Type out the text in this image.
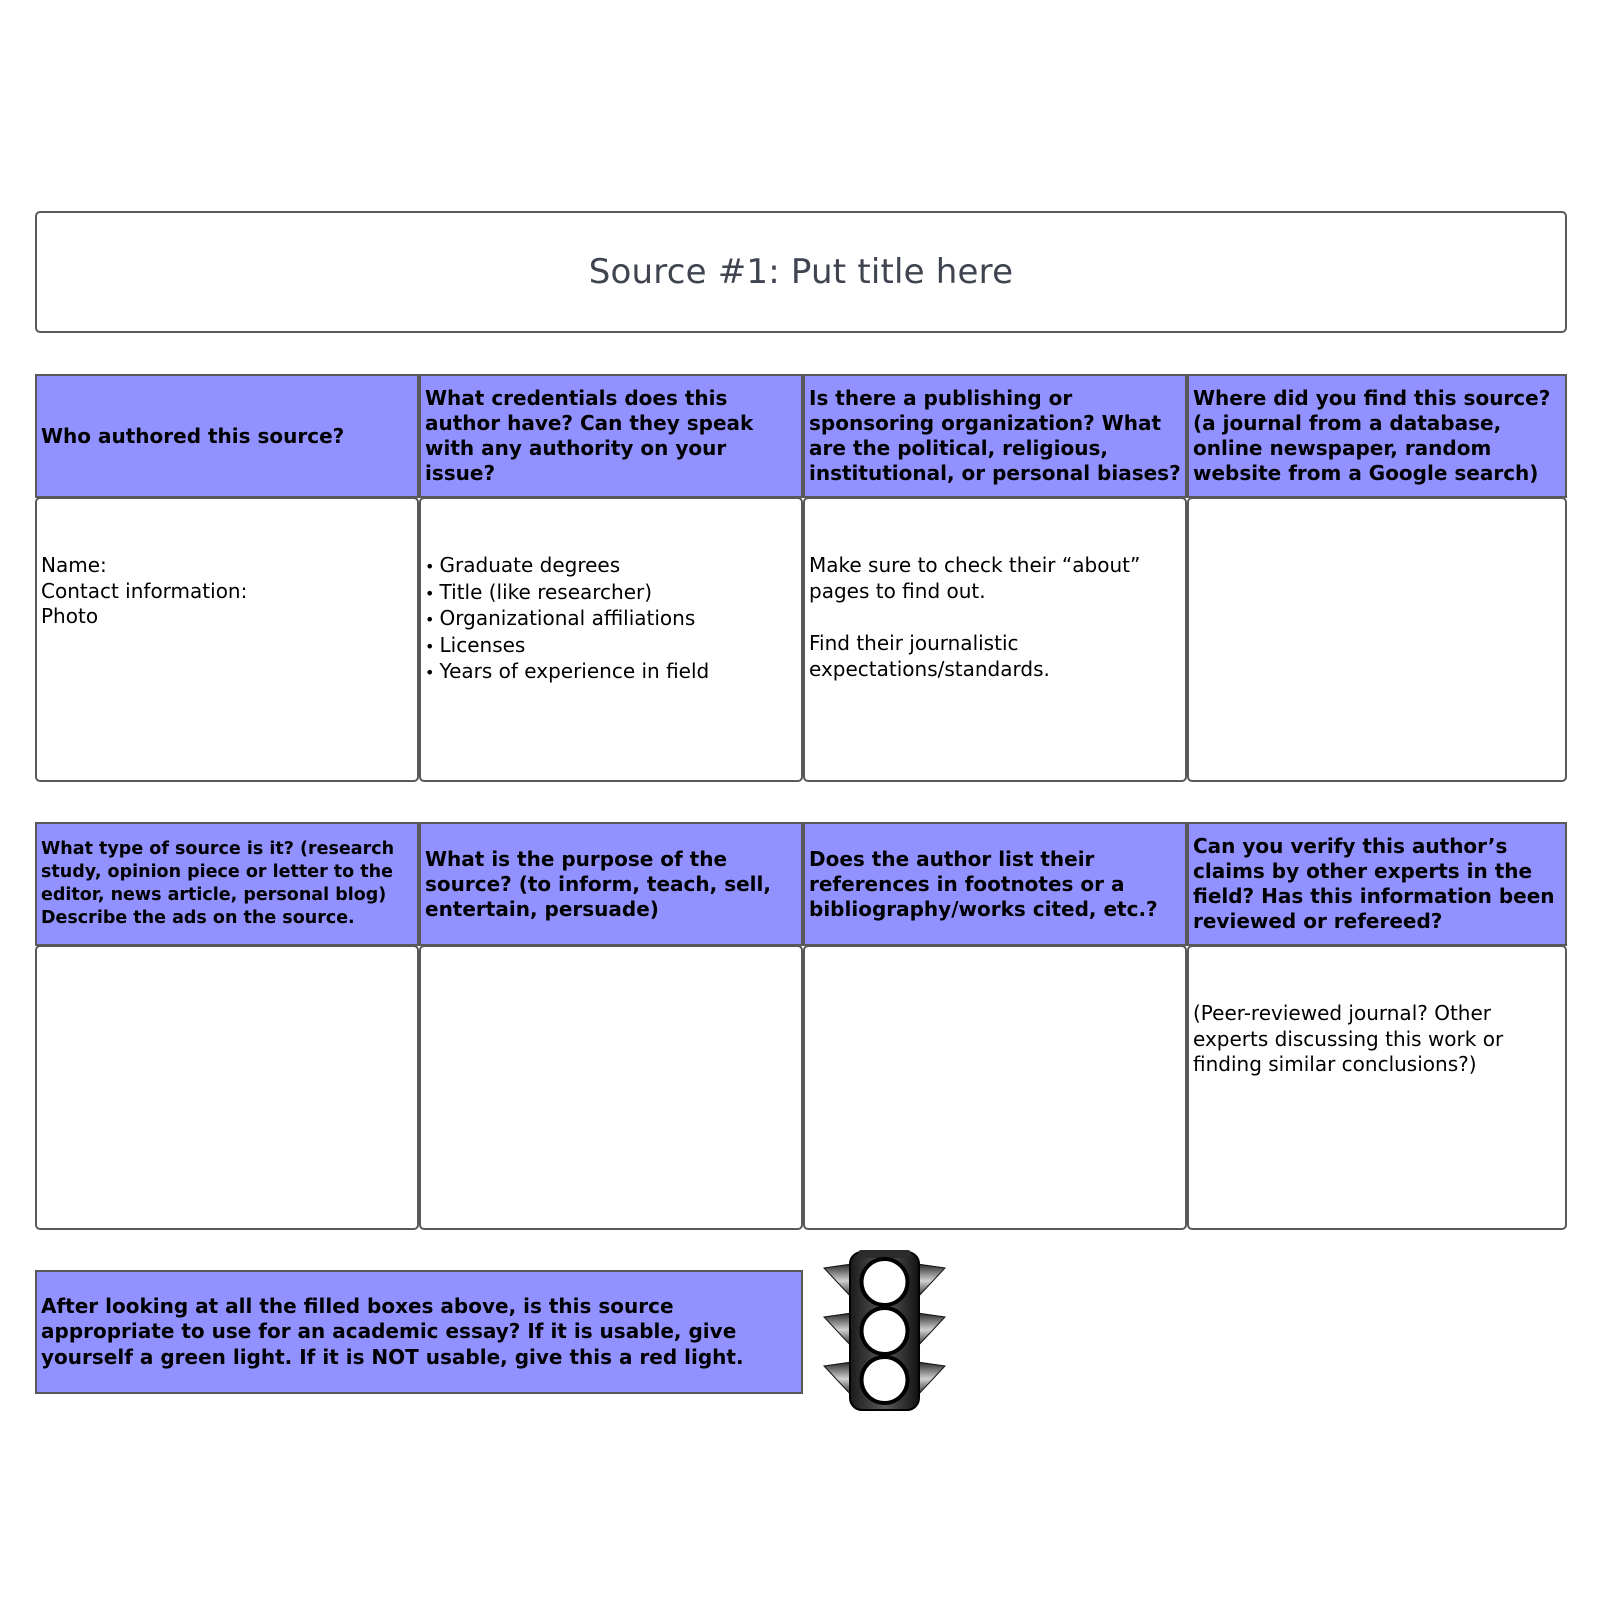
Source #1: Put title here
Who authored this source?
What credentials does this author have? Can they speak with any authority on your issue?
Is there a publishing or sponsoring organization? What are the political, religious, institutional, or personal biases?
Where did you find this source? (a journal from a database, online newspaper, random website from a Google search)
Name:
Contact information:
Photo
• Graduate degrees
• Title (like researcher)
• Organizational affiliations
• Licenses
• Years of experience in field
Make sure to check their “about” pages to find out.
Find their journalistic expectations/standards.
What type of source is it? (research study, opinion piece or letter to the editor, news article, personal blog)
Describe the ads on the source.
What is the purpose of the source? (to inform, teach, sell, entertain, persuade)
Does the author list their references in footnotes or a bibliography/works cited, etc.?
Can you verify this author’s claims by other experts in the field? Has this information been reviewed or refereed?
(Peer-reviewed journal? Other experts discussing this work or finding similar conclusions?)
After looking at all the filled boxes above, is this source appropriate to use for an academic essay? If it is usable, give yourself a green light. If it is NOT usable, give this a red light.
